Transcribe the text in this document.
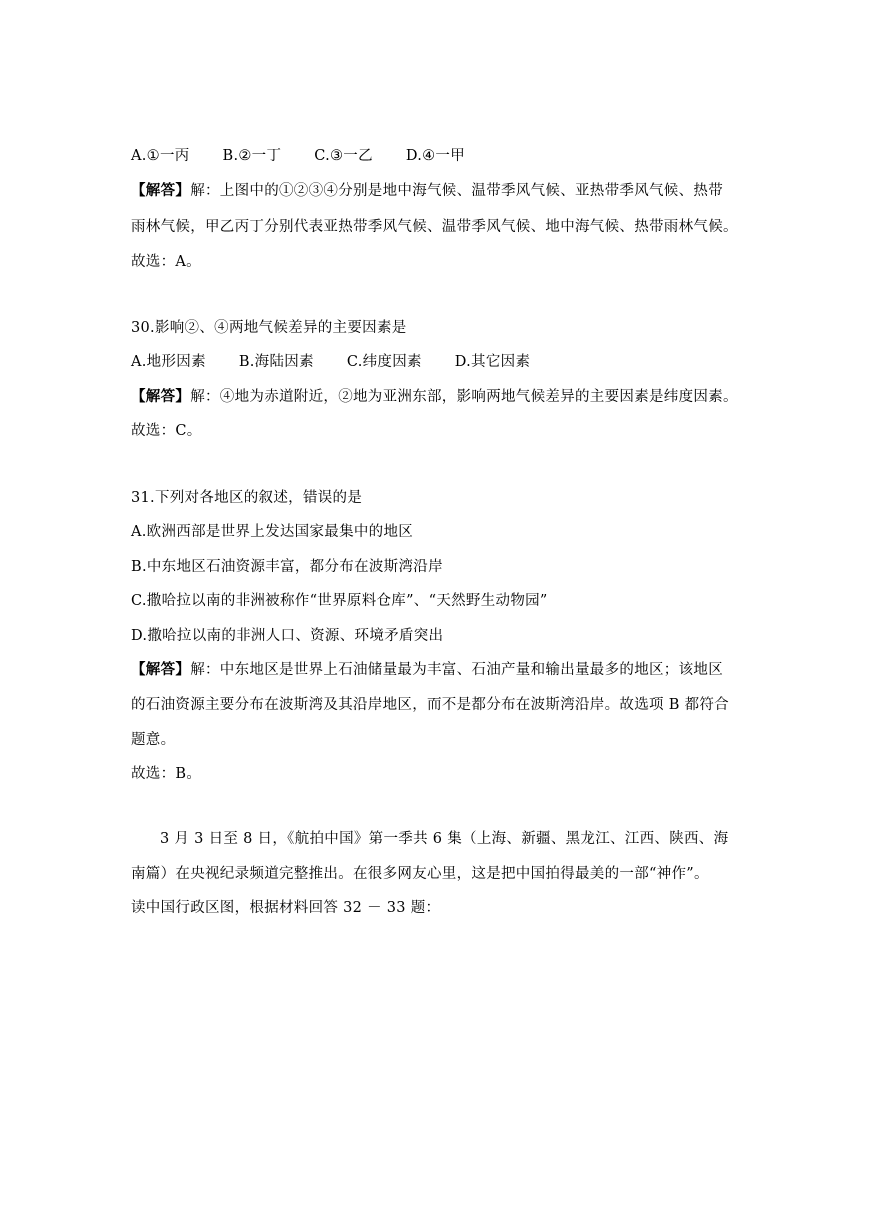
A.①一丙 B.②一丁 C.③一乙 D.④一甲
【解答】解：上图中的①②③④分别是地中海气候、温带季风气候、亚热带季风气候、热带
雨林气候，甲乙丙丁分别代表亚热带季风气候、温带季风气候、地中海气候、热带雨林气候。
故选：A。
30.影响②、④两地气候差异的主要因素是
A.地形因素 B.海陆因素 C.纬度因素 D.其它因素
【解答】解：④地为赤道附近，②地为亚洲东部，影响两地气候差异的主要因素是纬度因素。
故选：C。
31.下列对各地区的叙述，错误的是
A.欧洲西部是世界上发达国家最集中的地区
B.中东地区石油资源丰富，都分布在波斯湾沿岸
C.撒哈拉以南的非洲被称作“世界原料仓库”、“天然野生动物园”
D.撒哈拉以南的非洲人口、资源、环境矛盾突出
【解答】解：中东地区是世界上石油储量最为丰富、石油产量和输出量最多的地区；该地区
的石油资源主要分布在波斯湾及其沿岸地区，而不是都分布在波斯湾沿岸。故选项 B 都符合
题意。
故选：B。
3 月 3 日至 8 日，《航拍中国》第一季共 6 集（上海、新疆、黑龙江、江西、陕西、海
南篇）在央视纪录频道完整推出。在很多网友心里，这是把中国拍得最美的一部“神作”。
读中国行政区图，根据材料回答 32 － 33 题：
